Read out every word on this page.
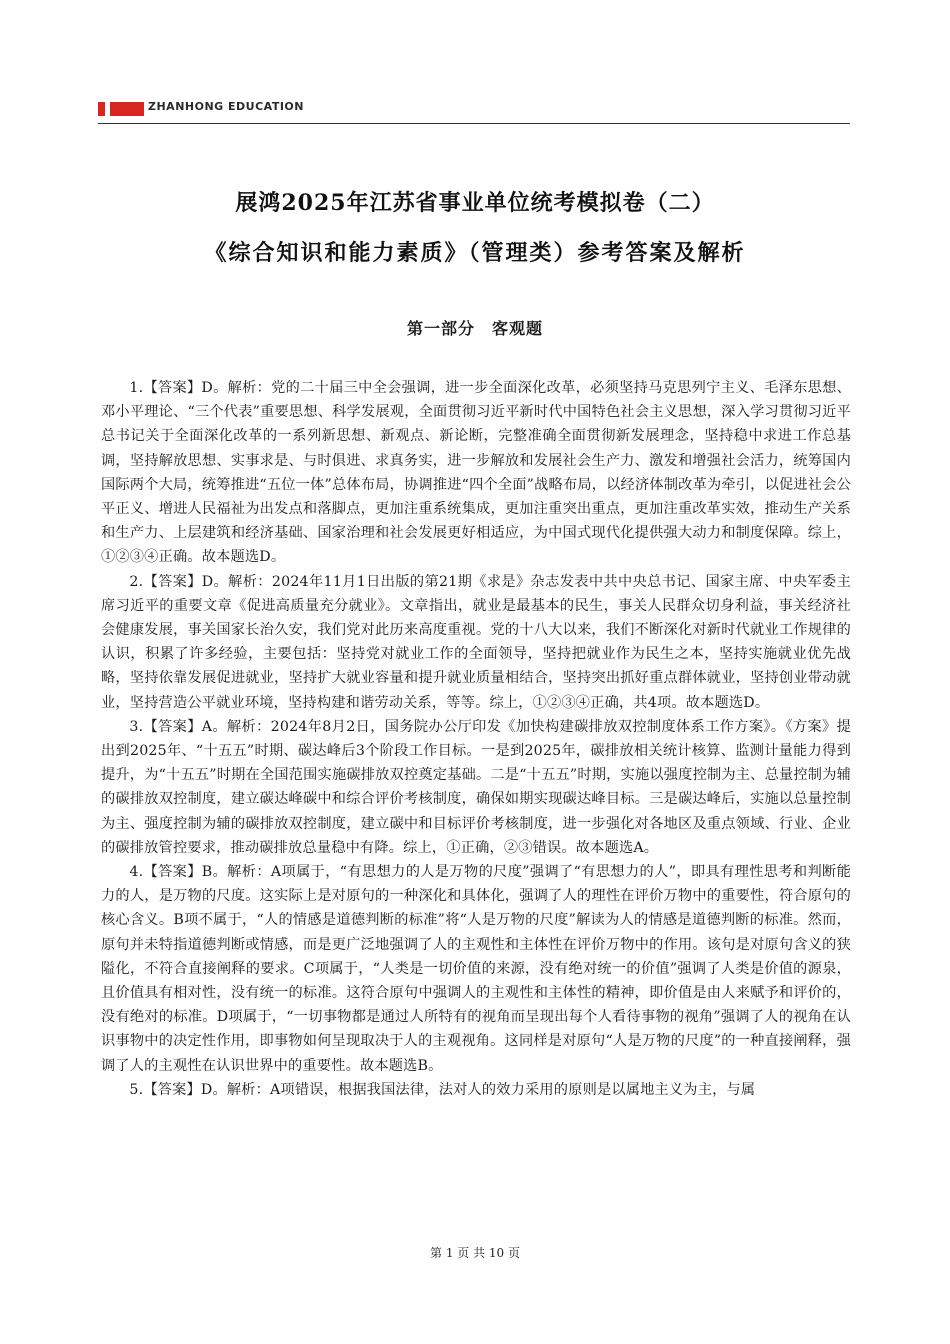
ZHANHONG EDUCATION
展鸿2025年江苏省事业单位统考模拟卷（二）
《综合知识和能力素质》（管理类）参考答案及解析
第一部分　客观题

1.【答案】D。解析：党的二十届三中全会强调，进一步全面深化改革，必须坚持马克思列宁主义、毛泽东思想、邓小平理论、“三个代表”重要思想、科学发展观，全面贯彻习近平新时代中国特色社会主义思想，深入学习贯彻习近平总书记关于全面深化改革的一系列新思想、新观点、新论断，完整准确全面贯彻新发展理念，坚持稳中求进工作总基调，坚持解放思想、实事求是、与时俱进、求真务实，进一步解放和发展社会生产力、激发和增强社会活力，统筹国内国际两个大局，统筹推进“五位一体”总体布局，协调推进“四个全面”战略布局，以经济体制改革为牵引，以促进社会公平正义、增进人民福祉为出发点和落脚点，更加注重系统集成，更加注重突出重点，更加注重改革实效，推动生产关系和生产力、上层建筑和经济基础、国家治理和社会发展更好相适应，为中国式现代化提供强大动力和制度保障。综上，①②③④正确。故本题选D。

2.【答案】D。解析：2024年11月1日出版的第21期《求是》杂志发表中共中央总书记、国家主席、中央军委主席习近平的重要文章《促进高质量充分就业》。文章指出，就业是最基本的民生，事关人民群众切身利益，事关经济社会健康发展，事关国家长治久安，我们党对此历来高度重视。党的十八大以来，我们不断深化对新时代就业工作规律的认识，积累了许多经验，主要包括：坚持党对就业工作的全面领导，坚持把就业作为民生之本，坚持实施就业优先战略，坚持依靠发展促进就业，坚持扩大就业容量和提升就业质量相结合，坚持突出抓好重点群体就业，坚持创业带动就业，坚持营造公平就业环境，坚持构建和谐劳动关系，等等。综上，①②③④正确，共4项。故本题选D。

3.【答案】A。解析：2024年8月2日，国务院办公厅印发《加快构建碳排放双控制度体系工作方案》。《方案》提出到2025年、“十五五”时期、碳达峰后3个阶段工作目标。一是到2025年，碳排放相关统计核算、监测计量能力得到提升，为“十五五”时期在全国范围实施碳排放双控奠定基础。二是“十五五”时期，实施以强度控制为主、总量控制为辅的碳排放双控制度，建立碳达峰碳中和综合评价考核制度，确保如期实现碳达峰目标。三是碳达峰后，实施以总量控制为主、强度控制为辅的碳排放双控制度，建立碳中和目标评价考核制度，进一步强化对各地区及重点领域、行业、企业的碳排放管控要求，推动碳排放总量稳中有降。综上，①正确，②③错误。故本题选A。

4.【答案】B。解析：A项属于，“有思想力的人是万物的尺度”强调了“有思想力的人”，即具有理性思考和判断能力的人，是万物的尺度。这实际上是对原句的一种深化和具体化，强调了人的理性在评价万物中的重要性，符合原句的核心含义。B项不属于，“人的情感是道德判断的标准”将“人是万物的尺度”解读为人的情感是道德判断的标准。然而，原句并未特指道德判断或情感，而是更广泛地强调了人的主观性和主体性在评价万物中的作用。该句是对原句含义的狭隘化，不符合直接阐释的要求。C项属于，“人类是一切价值的来源，没有绝对统一的价值”强调了人类是价值的源泉，且价值具有相对性，没有统一的标准。这符合原句中强调人的主观性和主体性的精神，即价值是由人来赋予和评价的，没有绝对的标准。D项属于，“一切事物都是通过人所特有的视角而呈现出每个人看待事物的视角”强调了人的视角在认识事物中的决定性作用，即事物如何呈现取决于人的主观视角。这同样是对原句“人是万物的尺度”的一种直接阐释，强调了人的主观性在认识世界中的重要性。故本题选B。

5.【答案】D。解析：A项错误，根据我国法律，法对人的效力采用的原则是以属地主义为主，与属

第 1 页 共 10 页
